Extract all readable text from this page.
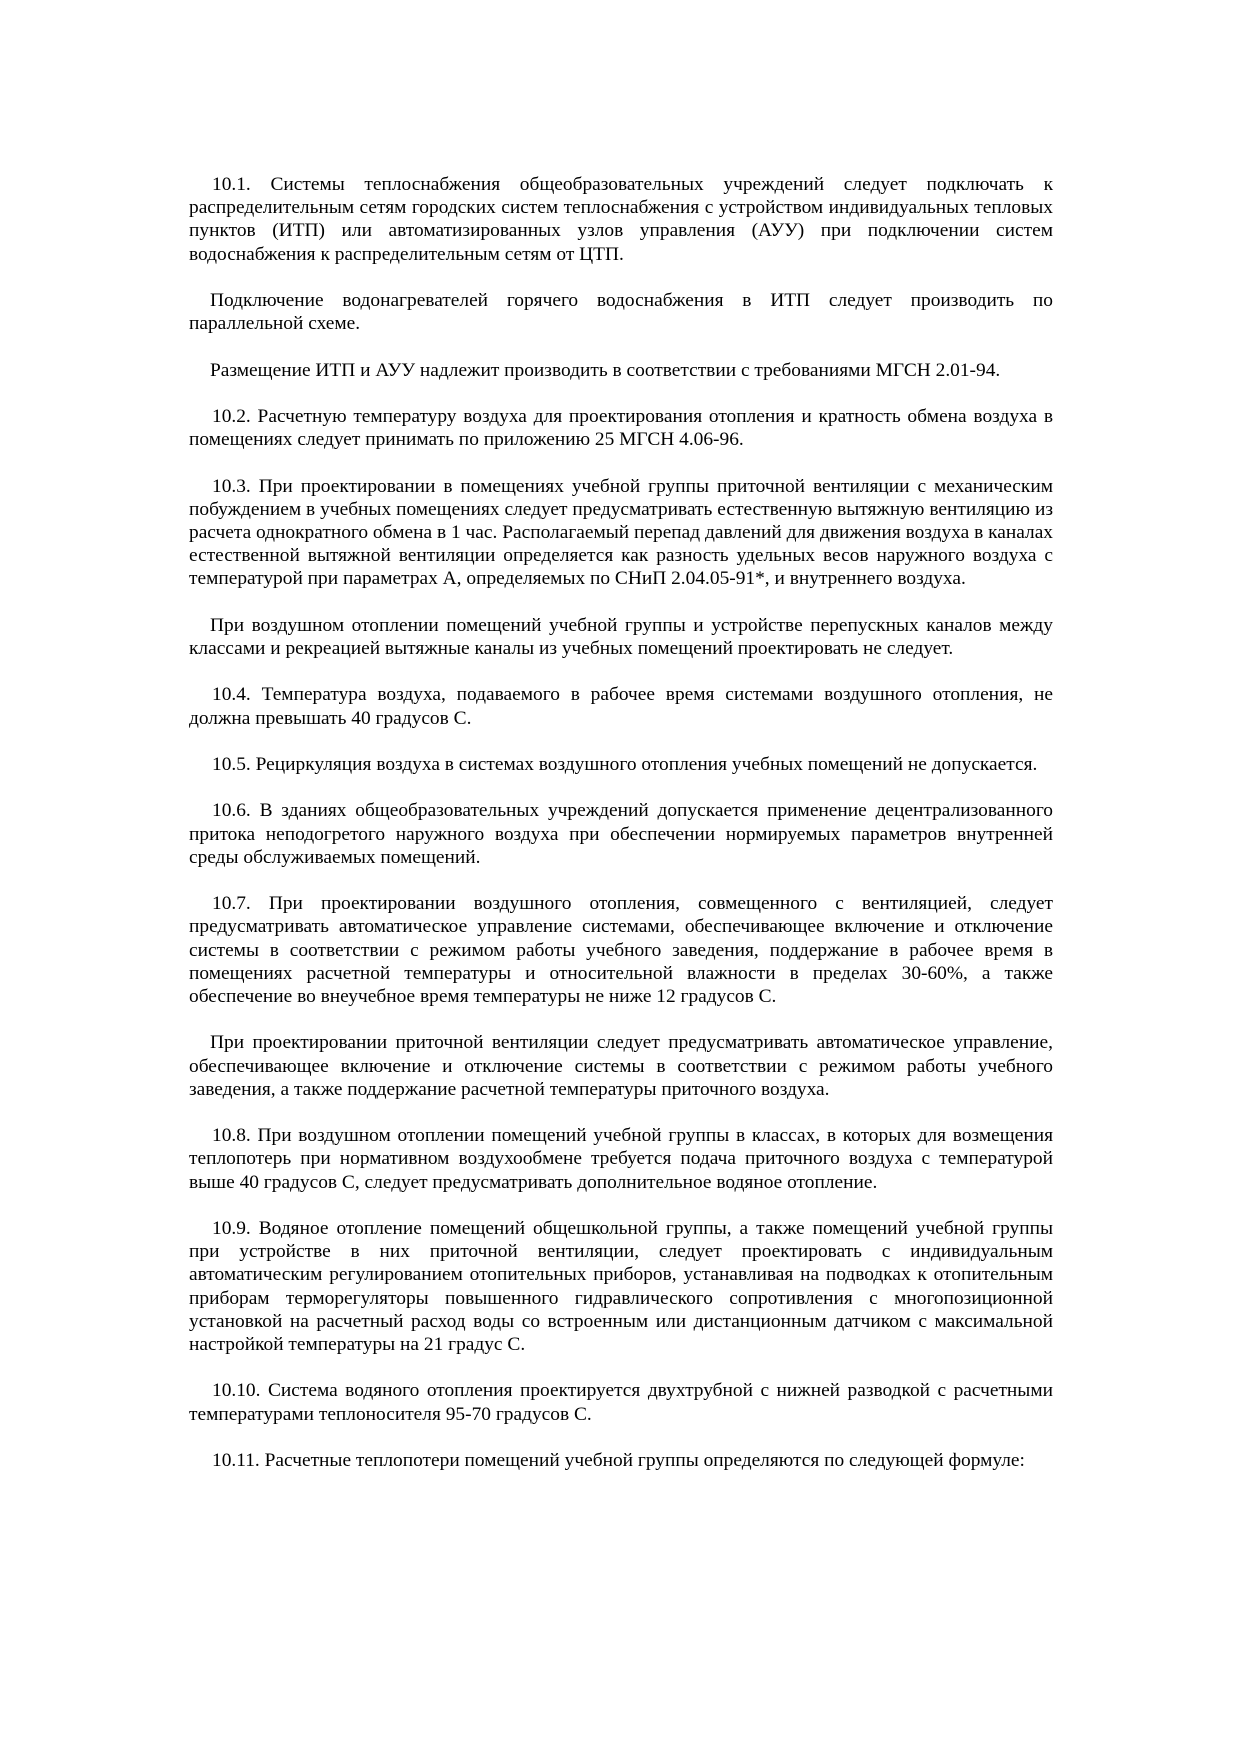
10.1. Системы теплоснабжения общеобразовательных учреждений следует подключать к распределительным сетям городских систем теплоснабжения с устройством индивидуальных тепловых пунктов (ИТП) или автоматизированных узлов управления (АУУ) при подключении систем водоснабжения к распределительным сетям от ЦТП.

Подключение водонагревателей горячего водоснабжения в ИТП следует производить по параллельной схеме.

Размещение ИТП и АУУ надлежит производить в соответствии с требованиями МГСН 2.01-94.

10.2. Расчетную температуру воздуха для проектирования отопления и кратность обмена воздуха в помещениях следует принимать по приложению 25 МГСН 4.06-96.

10.3. При проектировании в помещениях учебной группы приточной вентиляции с механическим побуждением в учебных помещениях следует предусматривать естественную вытяжную вентиляцию из расчета однократного обмена в 1 час. Располагаемый перепад давлений для движения воздуха в каналах естественной вытяжной вентиляции определяется как разность удельных весов наружного воздуха с температурой при параметрах А, определяемых по СНиП 2.04.05-91*, и внутреннего воздуха.

При воздушном отоплении помещений учебной группы и устройстве перепускных каналов между классами и рекреацией вытяжные каналы из учебных помещений проектировать не следует.

10.4. Температура воздуха, подаваемого в рабочее время системами воздушного отопления, не должна превышать 40 градусов С.

10.5. Рециркуляция воздуха в системах воздушного отопления учебных помещений не допускается.

10.6. В зданиях общеобразовательных учреждений допускается применение децентрализованного притока неподогретого наружного воздуха при обеспечении нормируемых параметров внутренней среды обслуживаемых помещений.

10.7. При проектировании воздушного отопления, совмещенного с вентиляцией, следует предусматривать автоматическое управление системами, обеспечивающее включение и отключение системы в соответствии с режимом работы учебного заведения, поддержание в рабочее время в помещениях расчетной температуры и относительной влажности в пределах 30-60%, а также обеспечение во внеучебное время температуры не ниже 12 градусов С.

При проектировании приточной вентиляции следует предусматривать автоматическое управление, обеспечивающее включение и отключение системы в соответствии с режимом работы учебного заведения, а также поддержание расчетной температуры приточного воздуха.

10.8. При воздушном отоплении помещений учебной группы в классах, в которых для возмещения теплопотерь при нормативном воздухообмене требуется подача приточного воздуха с температурой выше 40 градусов С, следует предусматривать дополнительное водяное отопление.

10.9. Водяное отопление помещений общешкольной группы, а также помещений учебной группы при устройстве в них приточной вентиляции, следует проектировать с индивидуальным автоматическим регулированием отопительных приборов, устанавливая на подводках к отопительным приборам терморегуляторы повышенного гидравлического сопротивления с многопозиционной установкой на расчетный расход воды со встроенным или дистанционным датчиком с максимальной настройкой температуры на 21 градус С.

10.10. Система водяного отопления проектируется двухтрубной с нижней разводкой с расчетными температурами теплоносителя 95-70 градусов С.

10.11. Расчетные теплопотери помещений учебной группы определяются по следующей формуле:
